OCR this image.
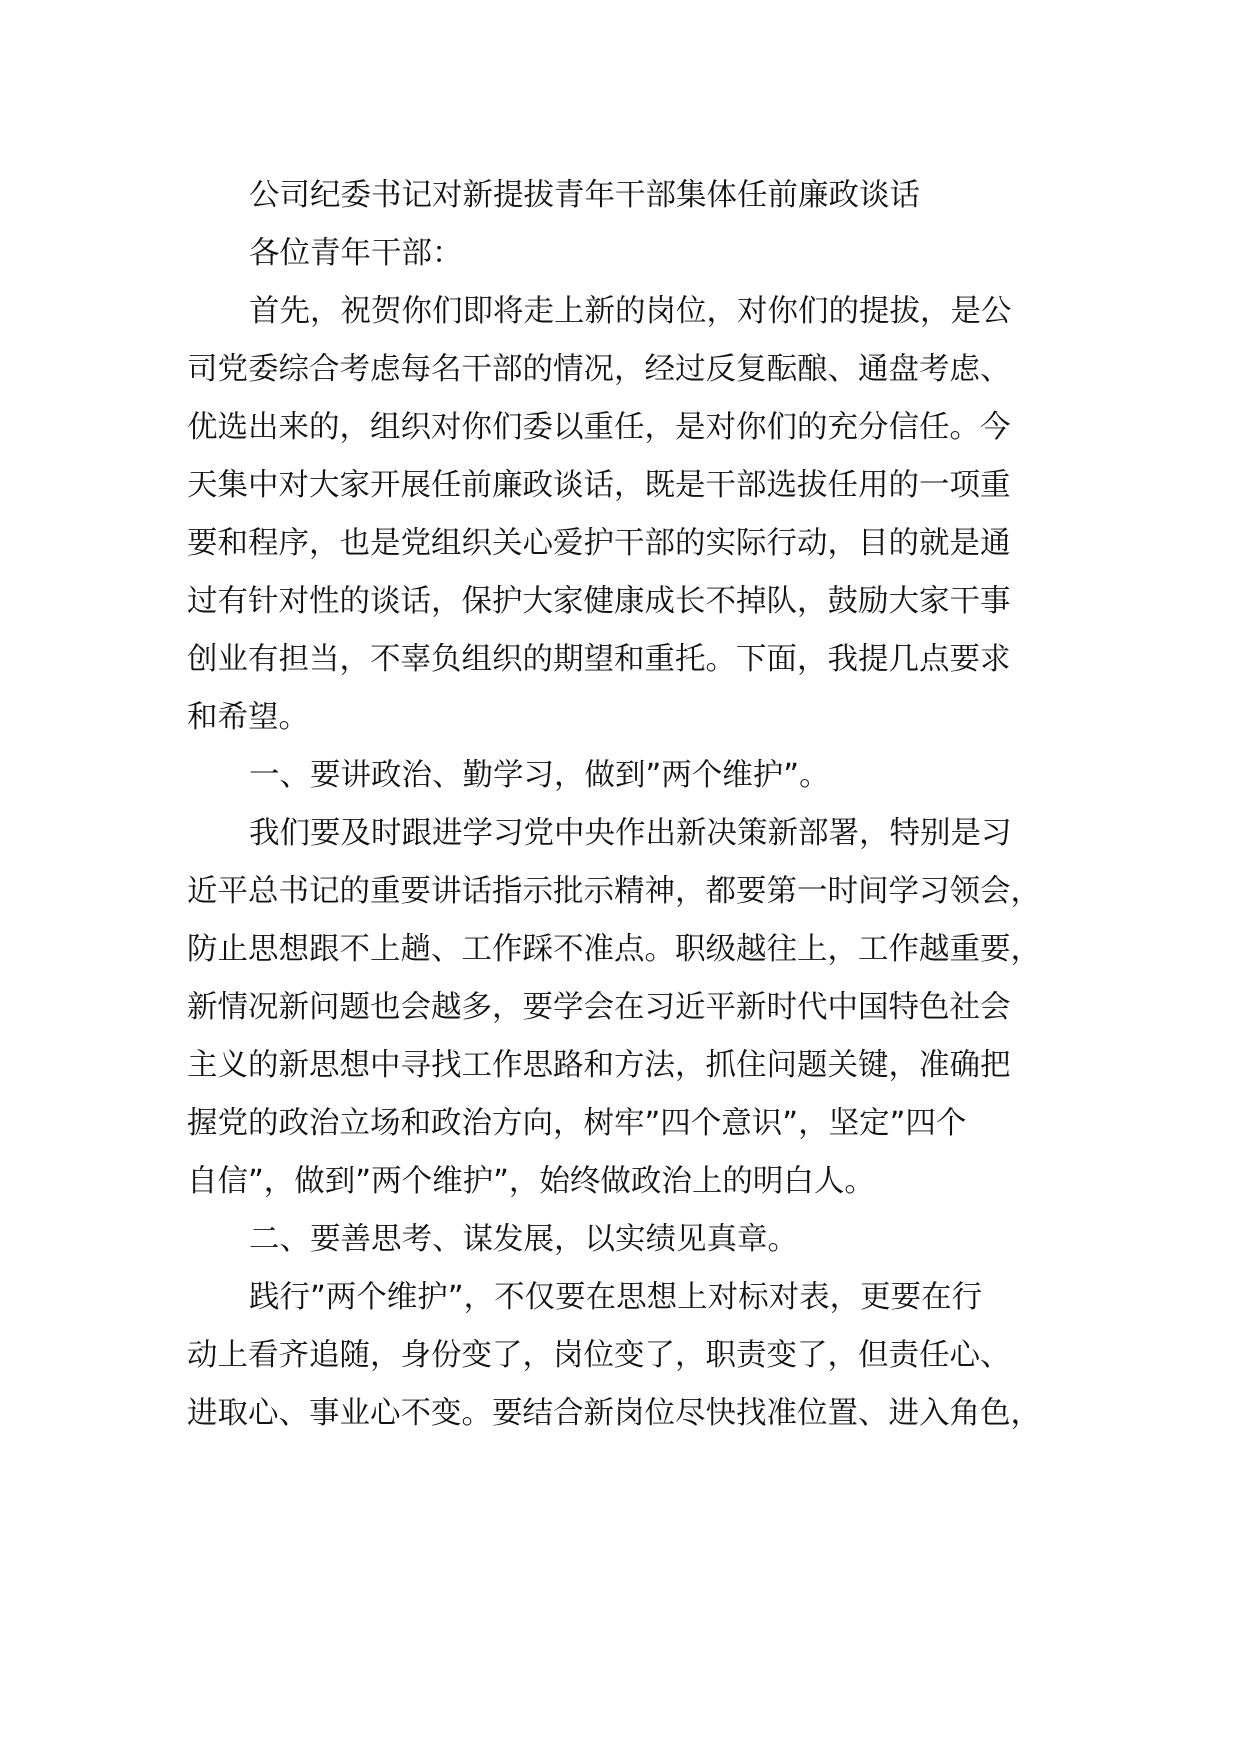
公司纪委书记对新提拔青年干部集体任前廉政谈话
各位青年干部：
首先，祝贺你们即将走上新的岗位，对你们的提拔，是公
司党委综合考虑每名干部的情况，经过反复酝酿、通盘考虑、
优选出来的，组织对你们委以重任，是对你们的充分信任。今
天集中对大家开展任前廉政谈话，既是干部选拔任用的一项重
要和程序，也是党组织关心爱护干部的实际行动，目的就是通
过有针对性的谈话，保护大家健康成长不掉队，鼓励大家干事
创业有担当，不辜负组织的期望和重托。下面，我提几点要求
和希望。
一、要讲政治、勤学习，做到”两个维护”。
我们要及时跟进学习党中央作出新决策新部署，特别是习
近平总书记的重要讲话指示批示精神，都要第一时间学习领会，
防止思想跟不上趟、工作踩不准点。职级越往上，工作越重要，
新情况新问题也会越多，要学会在习近平新时代中国特色社会
主义的新思想中寻找工作思路和方法，抓住问题关键，准确把
握党的政治立场和政治方向，树牢”四个意识”，坚定”四个
自信”，做到”两个维护”，始终做政治上的明白人。
二、要善思考、谋发展，以实绩见真章。
践行”两个维护”，不仅要在思想上对标对表，更要在行
动上看齐追随，身份变了，岗位变了，职责变了，但责任心、
进取心、事业心不变。要结合新岗位尽快找准位置、进入角色，
